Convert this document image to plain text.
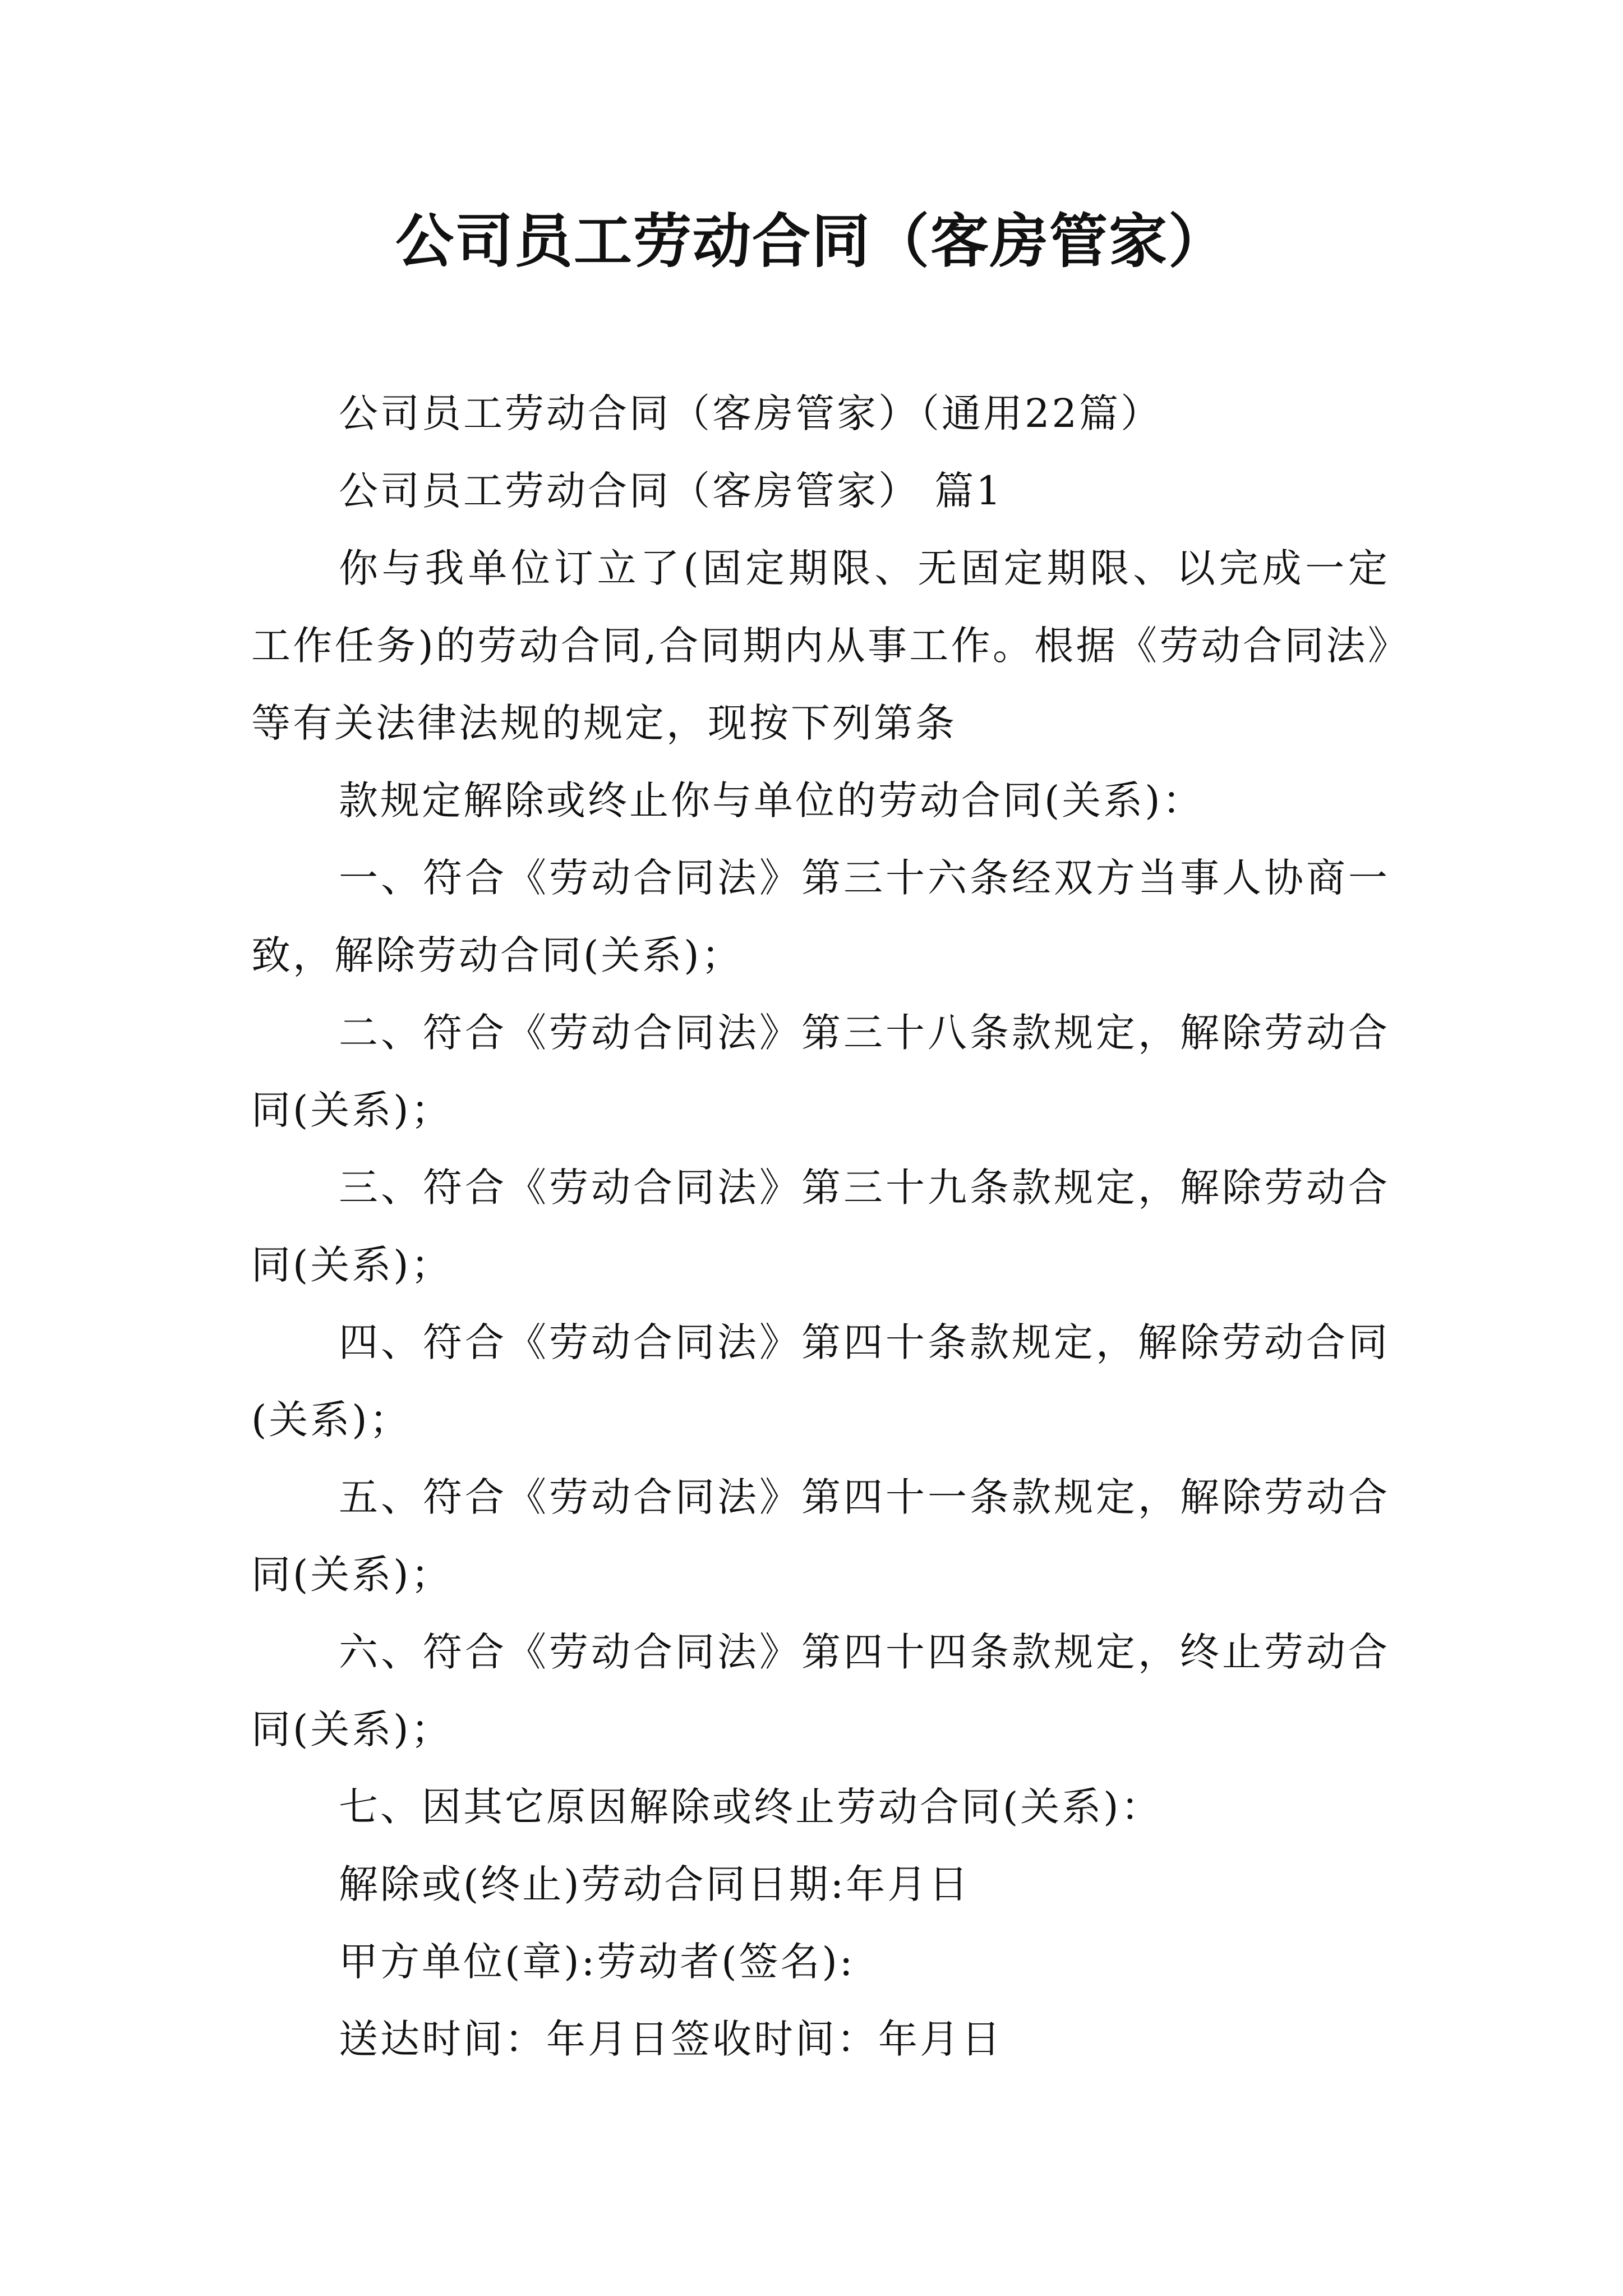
公司员工劳动合同（客房管家）

公司员工劳动合同（客房管家）（通用22篇）

公司员工劳动合同（客房管家） 篇1

你与我单位订立了(固定期限、无固定期限、以完成一定工作任务)的劳动合同,合同期内从事工作。根据《劳动合同法》等有关法律法规的规定，现按下列第条

款规定解除或终止你与单位的劳动合同(关系)：

一、符合《劳动合同法》第三十六条经双方当事人协商一致，解除劳动合同(关系)；

二、符合《劳动合同法》第三十八条款规定，解除劳动合同(关系)；

三、符合《劳动合同法》第三十九条款规定，解除劳动合同(关系)；

四、符合《劳动合同法》第四十条款规定，解除劳动合同(关系)；

五、符合《劳动合同法》第四十一条款规定，解除劳动合同(关系)；

六、符合《劳动合同法》第四十四条款规定，终止劳动合同(关系)；

七、因其它原因解除或终止劳动合同(关系)：

解除或(终止)劳动合同日期:年月日

甲方单位(章):劳动者(签名):

送达时间：年月日签收时间：年月日
